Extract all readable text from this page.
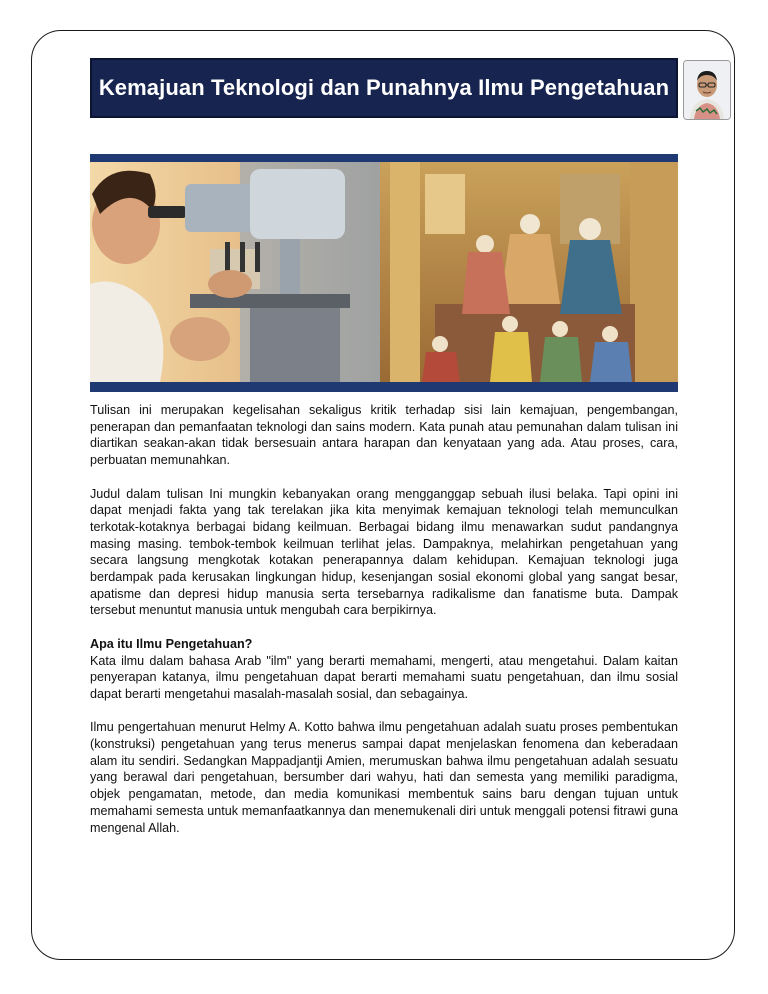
Kemajuan Teknologi dan Punahnya Ilmu Pengetahuan

Tulisan ini merupakan kegelisahan sekaligus kritik terhadap sisi lain kemajuan, pengembangan, penerapan dan pemanfaatan teknologi dan sains modern. Kata punah atau pemunahan dalam tulisan ini diartikan seakan-akan tidak bersesuain antara harapan dan kenyataan yang ada. Atau proses, cara, perbuatan memunahkan.

Judul dalam tulisan Ini mungkin kebanyakan orang mengganggap sebuah ilusi belaka. Tapi opini ini dapat menjadi fakta yang tak terelakan jika kita menyimak kemajuan teknologi telah memunculkan terkotak-kotaknya berbagai bidang keilmuan. Berbagai bidang ilmu menawarkan sudut pandangnya masing masing. tembok-tembok keilmuan terlihat jelas. Dampaknya, melahirkan pengetahuan yang secara langsung mengkotak kotakan penerapannya dalam kehidupan. Kemajuan teknologi juga berdampak pada kerusakan lingkungan hidup, kesenjangan sosial ekonomi global yang sangat besar, apatisme dan depresi hidup manusia serta tersebarnya radikalisme dan fanatisme buta. Dampak tersebut menuntut manusia untuk mengubah cara berpikirnya.

Apa itu Ilmu Pengetahuan?

Kata ilmu dalam bahasa Arab "ilm" yang berarti memahami, mengerti, atau mengetahui. Dalam kaitan penyerapan katanya, ilmu pengetahuan dapat berarti memahami suatu pengetahuan, dan ilmu sosial dapat berarti mengetahui masalah-masalah sosial, dan sebagainya.

Ilmu pengertahuan menurut Helmy A. Kotto bahwa ilmu pengetahuan adalah suatu proses pembentukan (konstruksi) pengetahuan yang terus menerus sampai dapat menjelaskan fenomena dan keberadaan alam itu sendiri. Sedangkan Mappadjantji Amien, merumuskan bahwa ilmu pengetahuan adalah sesuatu yang berawal dari pengetahuan, bersumber dari wahyu, hati dan semesta yang memiliki paradigma, objek pengamatan, metode, dan media komunikasi membentuk sains baru dengan tujuan untuk memahami semesta untuk memanfaatkannya dan menemukenali diri untuk menggali potensi fitrawi guna mengenal Allah.
